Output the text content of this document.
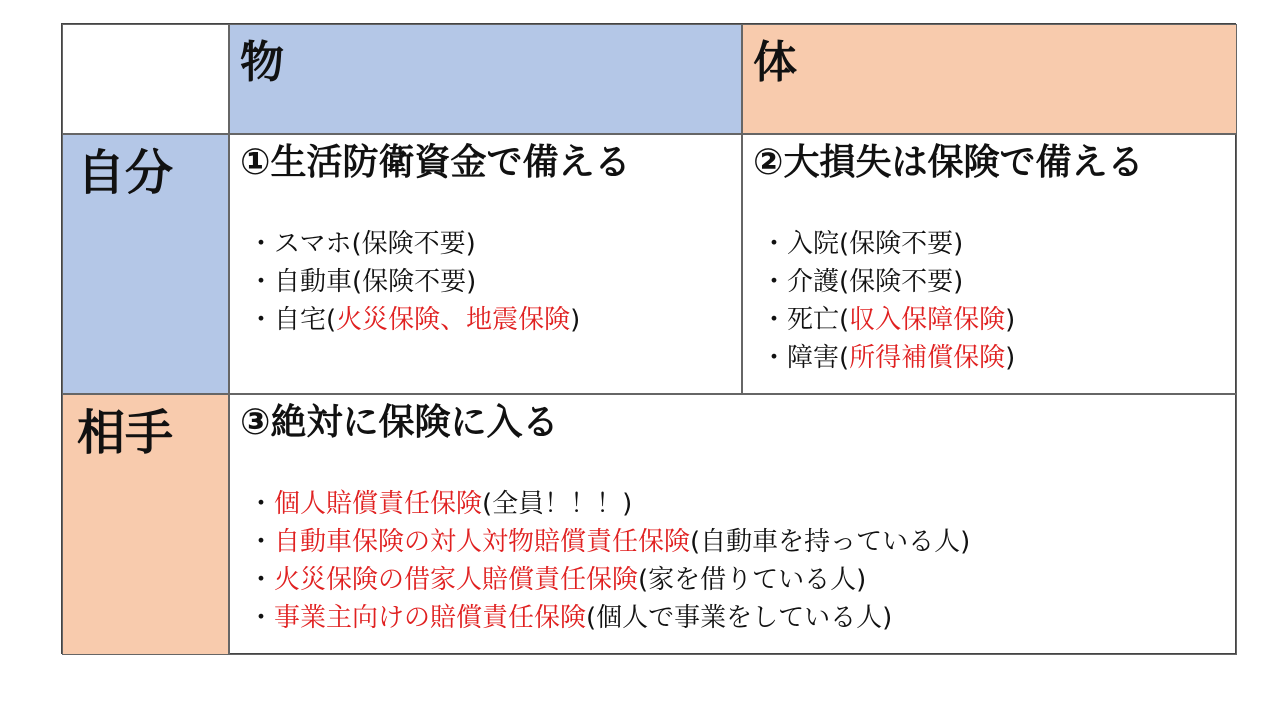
物	体
自分 ①生活防衛資金で備える
・スマホ(保険不要)
・自動車(保険不要)
・自宅(火災保険、地震保険)
②大損失は保険で備える
・入院(保険不要)
・介護(保険不要)
・死亡(収入保障保険)
・障害(所得補償保険)
相手 ③絶対に保険に入る
・個人賠償責任保険(全員！！！)
・自動車保険の対人対物賠償責任保険(自動車を持っている人)
・火災保険の借家人賠償責任保険(家を借りている人)
・事業主向けの賠償責任保険(個人で事業をしている人)
